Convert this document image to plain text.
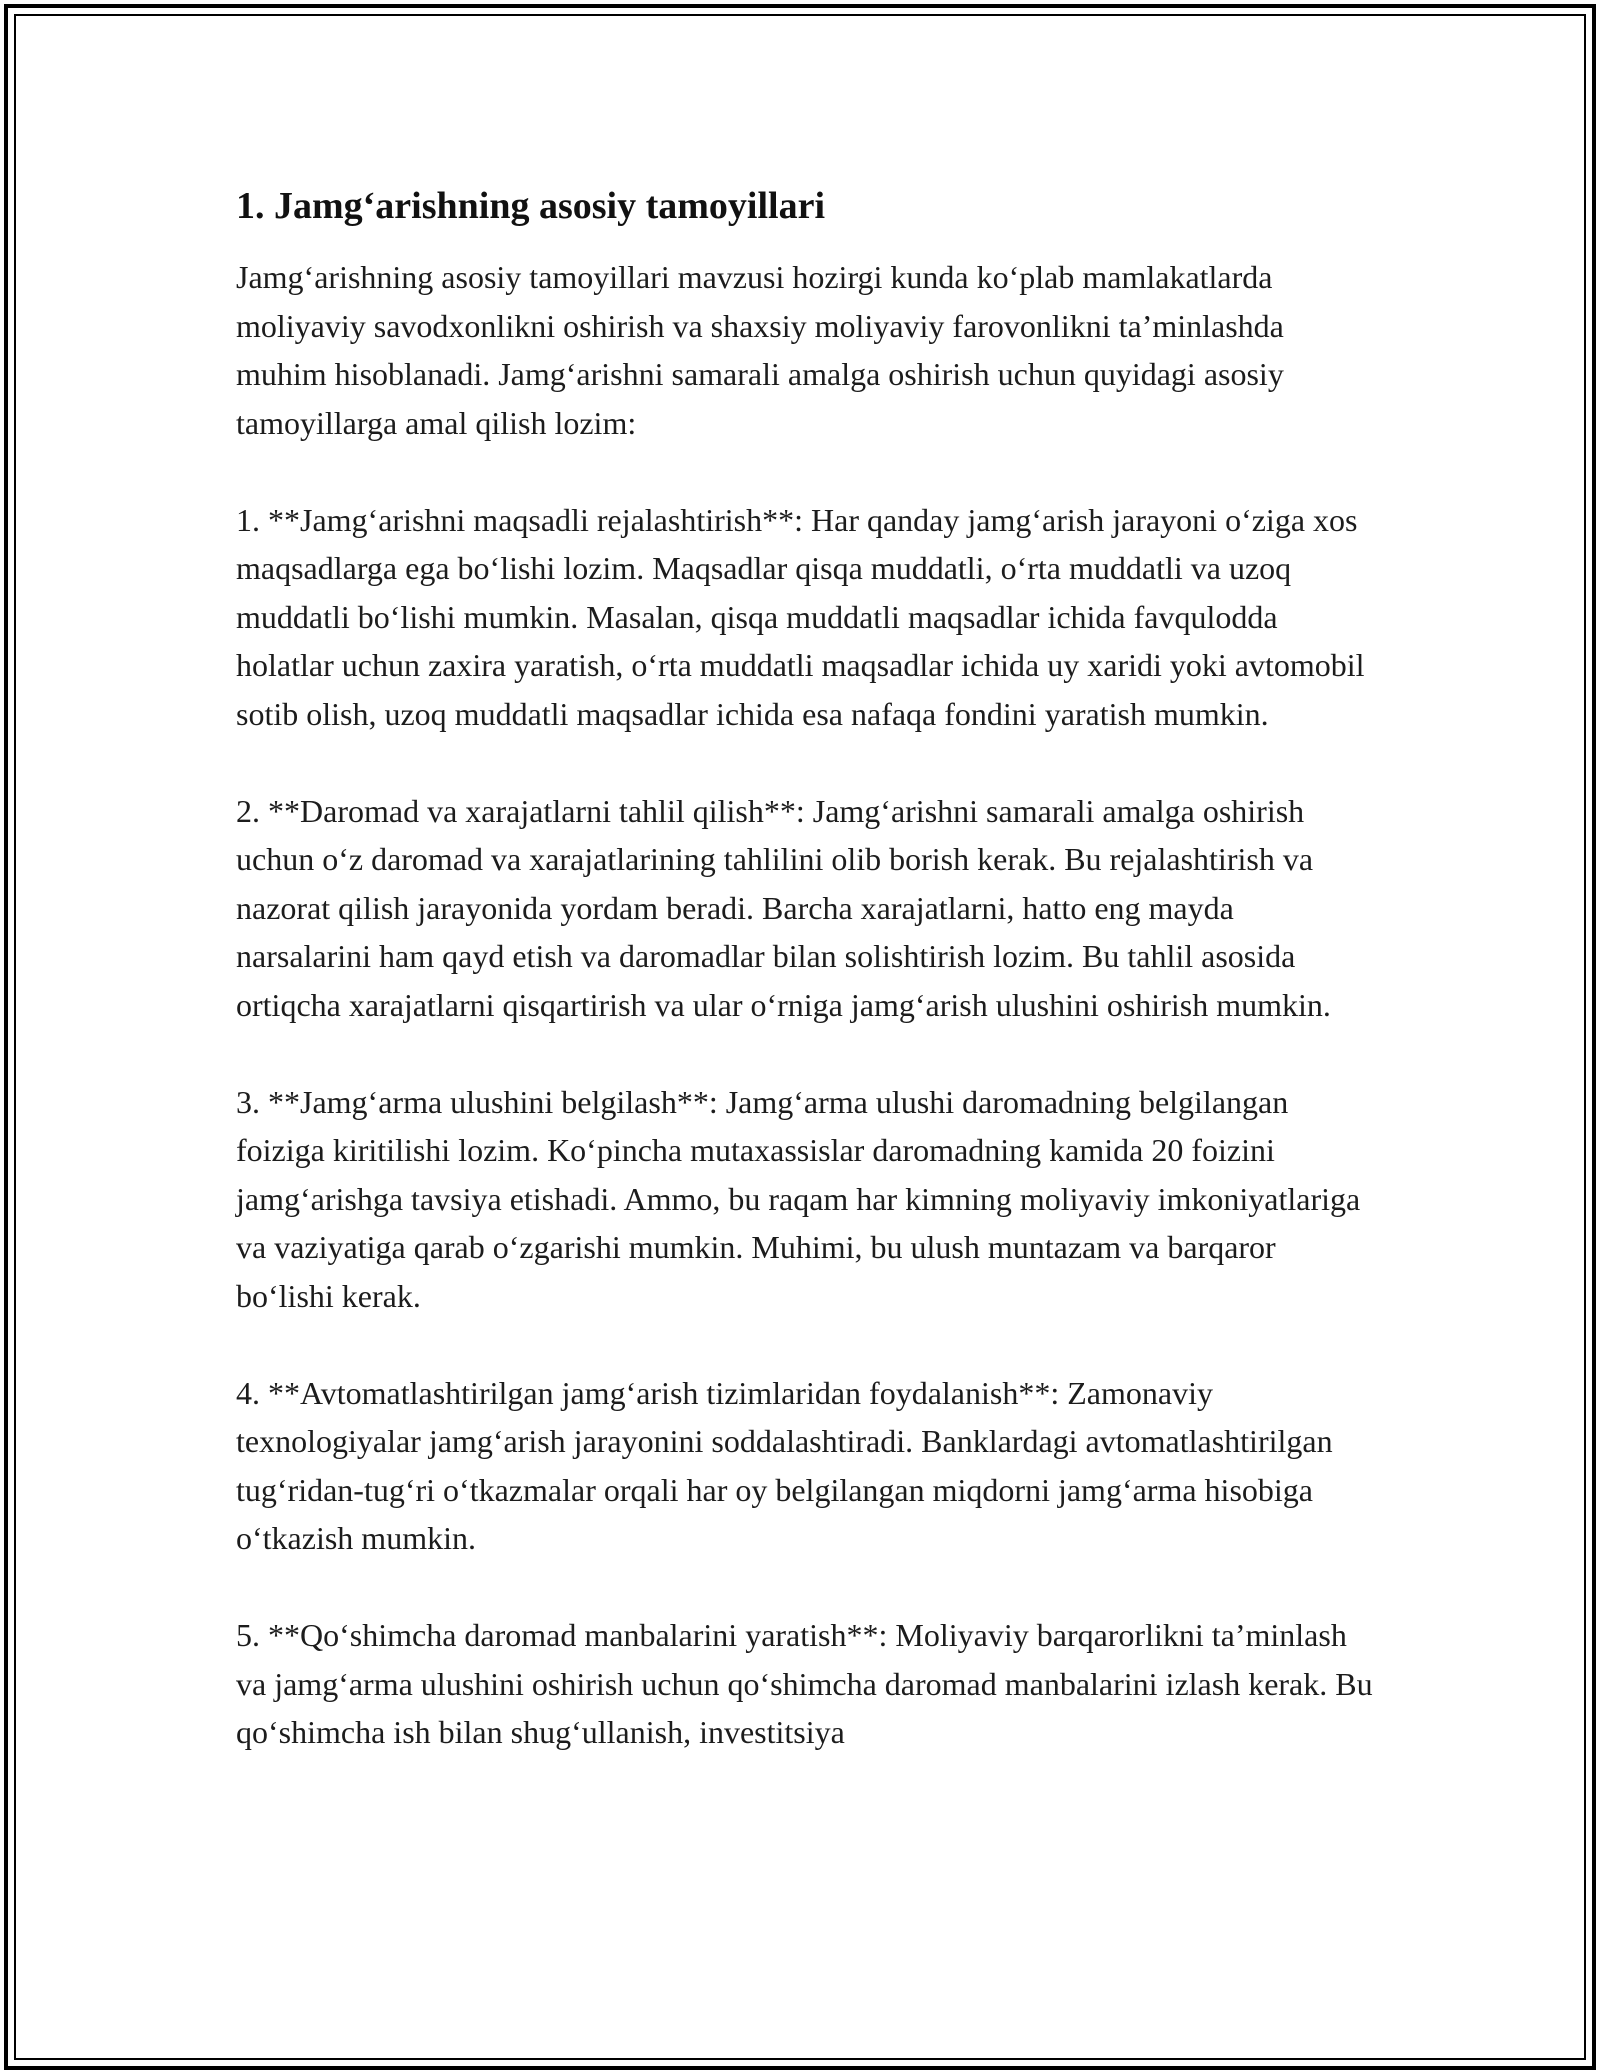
1. Jamg‘arishning asosiy tamoyillari

Jamg‘arishning asosiy tamoyillari mavzusi hozirgi kunda ko‘plab mamlakatlarda moliyaviy savodxonlikni oshirish va shaxsiy moliyaviy farovonlikni ta’minlashda muhim hisoblanadi. Jamg‘arishni samarali amalga oshirish uchun quyidagi asosiy tamoyillarga amal qilish lozim:

1. **Jamg‘arishni maqsadli rejalashtirish**: Har qanday jamg‘arish jarayoni o‘ziga xos maqsadlarga ega bo‘lishi lozim. Maqsadlar qisqa muddatli, o‘rta muddatli va uzoq muddatli bo‘lishi mumkin. Masalan, qisqa muddatli maqsadlar ichida favqulodda holatlar uchun zaxira yaratish, o‘rta muddatli maqsadlar ichida uy xaridi yoki avtomobil sotib olish, uzoq muddatli maqsadlar ichida esa nafaqa fondini yaratish mumkin.

2. **Daromad va xarajatlarni tahlil qilish**: Jamg‘arishni samarali amalga oshirish uchun o‘z daromad va xarajatlarining tahlilini olib borish kerak. Bu rejalashtirish va nazorat qilish jarayonida yordam beradi. Barcha xarajatlarni, hatto eng mayda narsalarini ham qayd etish va daromadlar bilan solishtirish lozim. Bu tahlil asosida ortiqcha xarajatlarni qisqartirish va ular o‘rniga jamg‘arish ulushini oshirish mumkin.

3. **Jamg‘arma ulushini belgilash**: Jamg‘arma ulushi daromadning belgilangan foiziga kiritilishi lozim. Ko‘pincha mutaxassislar daromadning kamida 20 foizini jamg‘arishga tavsiya etishadi. Ammo, bu raqam har kimning moliyaviy imkoniyatlariga va vaziyatiga qarab o‘zgarishi mumkin. Muhimi, bu ulush muntazam va barqaror bo‘lishi kerak.

4. **Avtomatlashtirilgan jamg‘arish tizimlaridan foydalanish**: Zamonaviy texnologiyalar jamg‘arish jarayonini soddalashtiradi. Banklardagi avtomatlashtirilgan tug‘ridan-tug‘ri o‘tkazmalar orqali har oy belgilangan miqdorni jamg‘arma hisobiga o‘tkazish mumkin.

5. **Qo‘shimcha daromad manbalarini yaratish**: Moliyaviy barqarorlikni ta’minlash va jamg‘arma ulushini oshirish uchun qo‘shimcha daromad manbalarini izlash kerak. Bu qo‘shimcha ish bilan shug‘ullanish, investitsiya
